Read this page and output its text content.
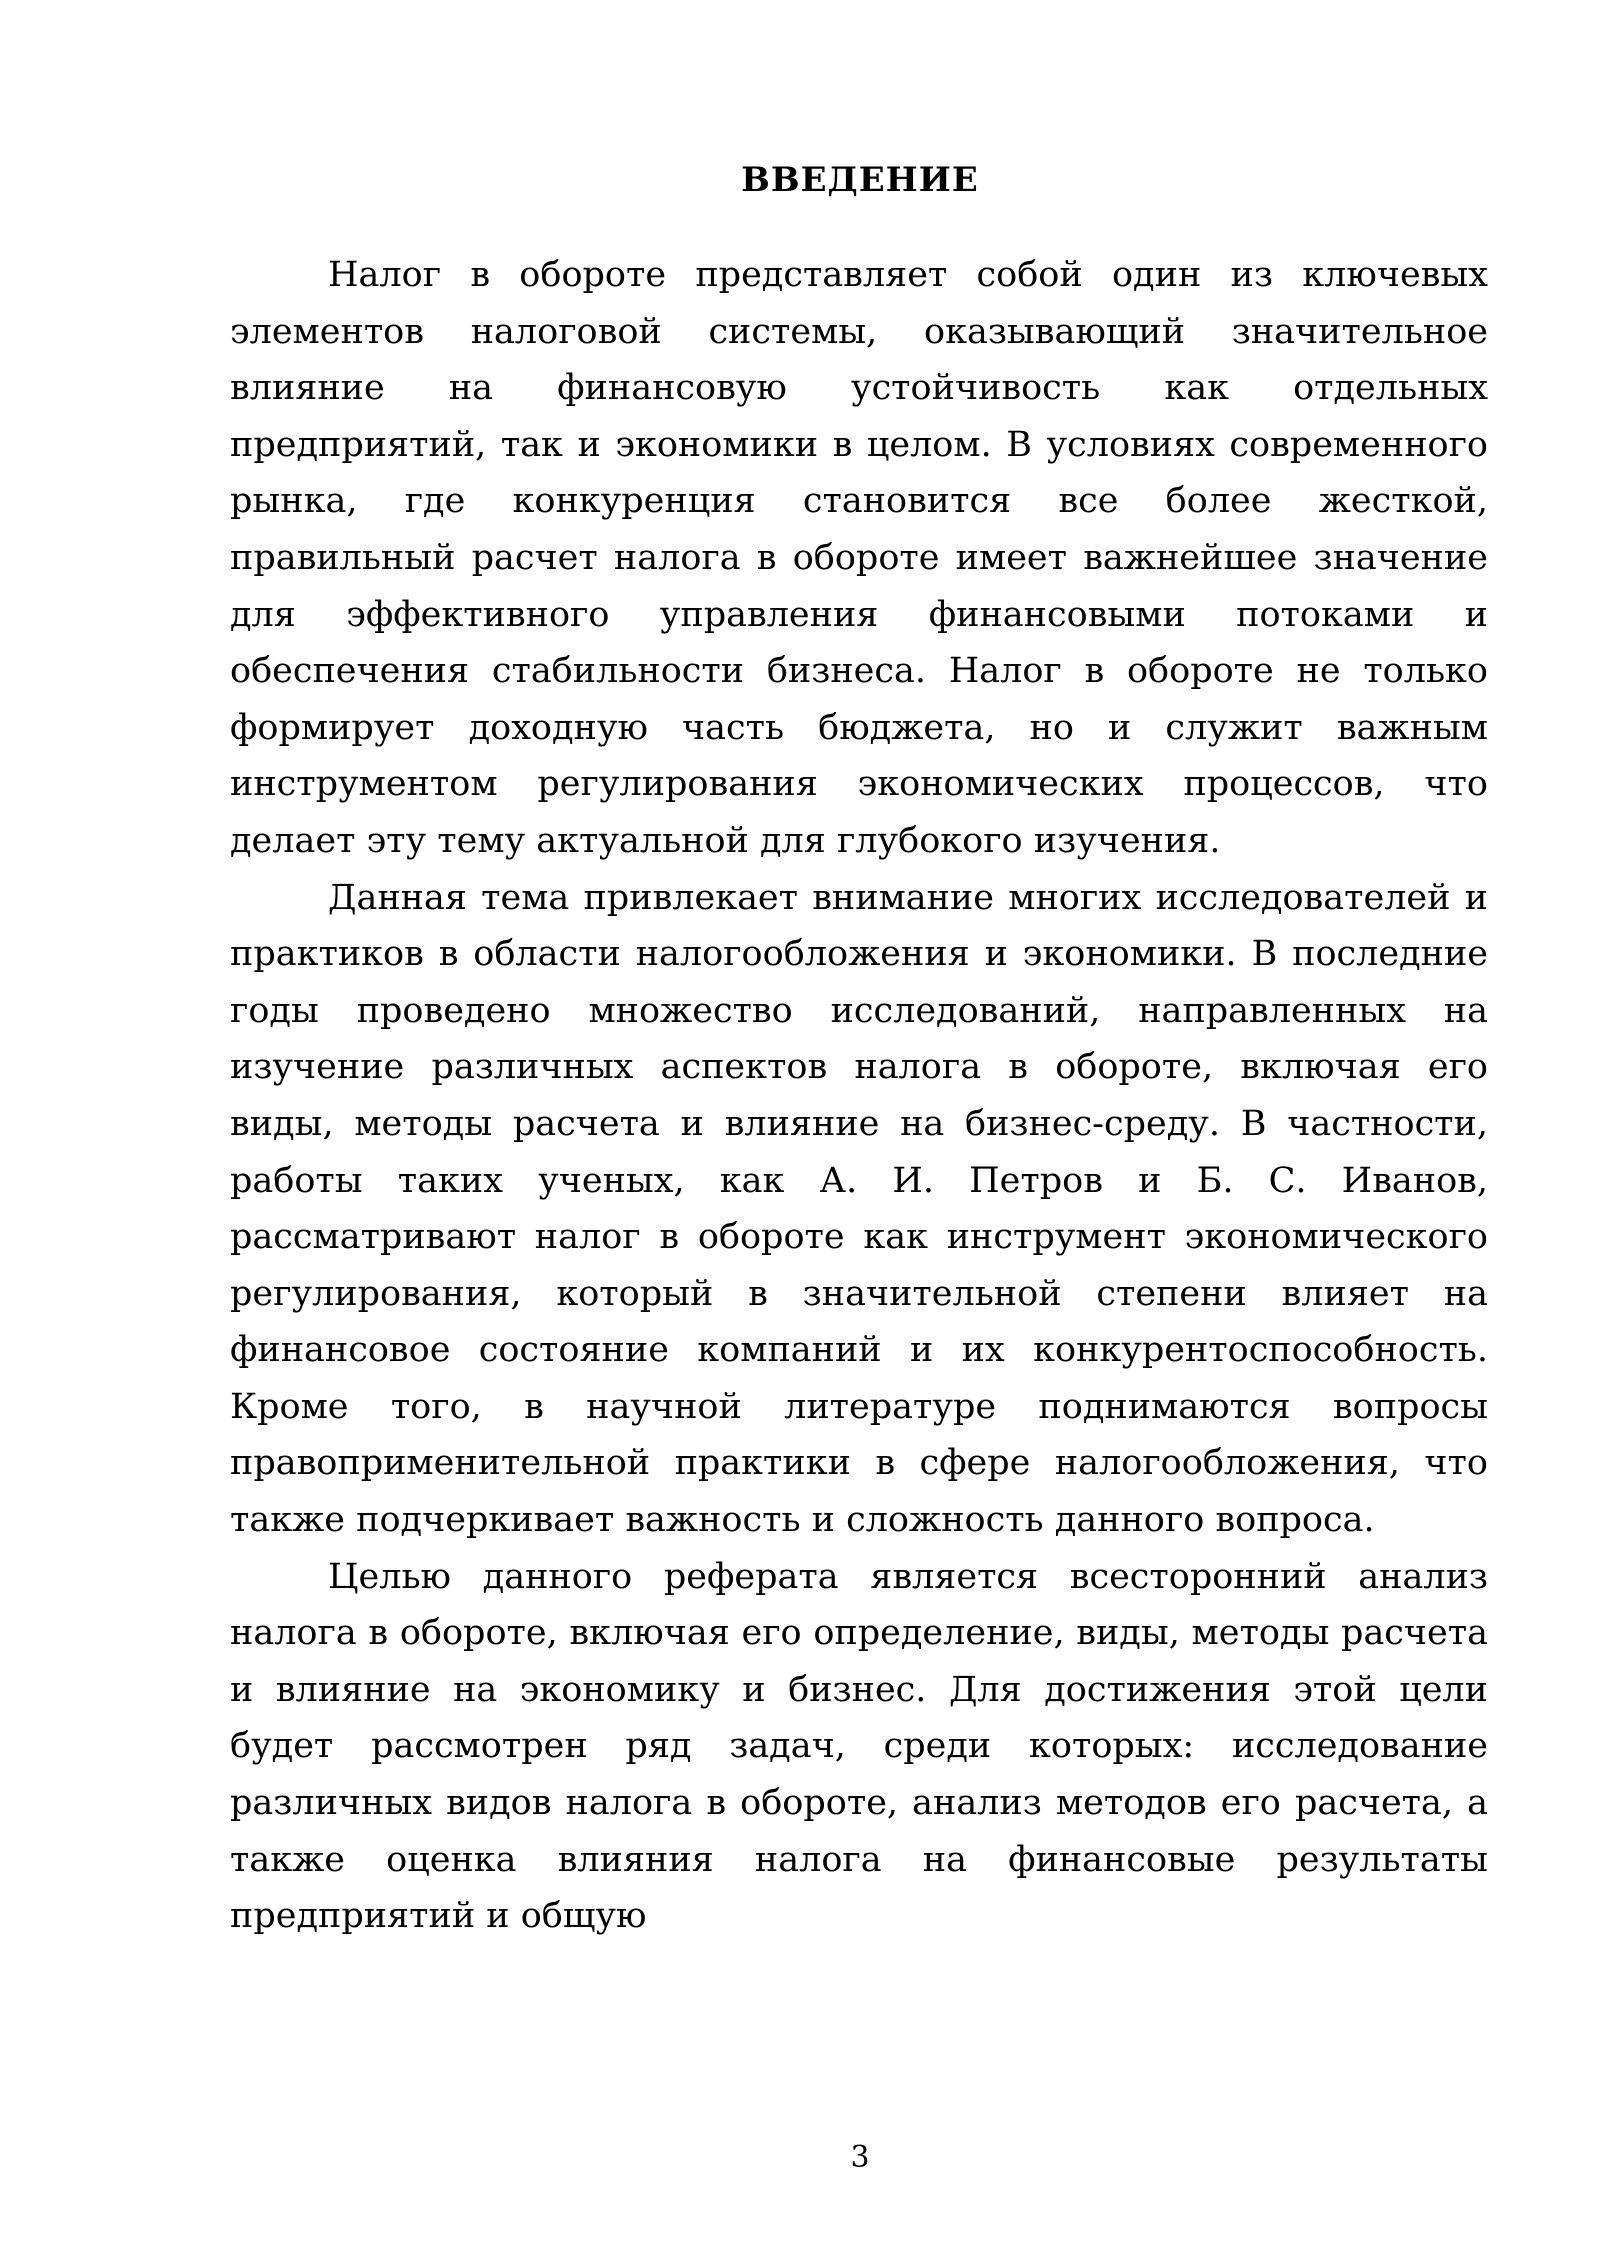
ВВЕДЕНИЕ

Налог в обороте представляет собой один из ключевых элементов налоговой системы, оказывающий значительное влияние на финансовую устойчивость как отдельных предприятий, так и экономики в целом. В условиях современного рынка, где конкуренция становится все более жесткой, правильный расчет налога в обороте имеет важнейшее значение для эффективного управления финансовыми потоками и обеспечения стабильности бизнеса. Налог в обороте не только формирует доходную часть бюджета, но и служит важным инструментом регулирования экономических процессов, что делает эту тему актуальной для глубокого изучения.

Данная тема привлекает внимание многих исследователей и практиков в области налогообложения и экономики. В последние годы проведено множество исследований, направленных на изучение различных аспектов налога в обороте, включая его виды, методы расчета и влияние на бизнес-среду. В частности, работы таких ученых, как А. И. Петров и Б. С. Иванов, рассматривают налог в обороте как инструмент экономического регулирования, который в значительной степени влияет на финансовое состояние компаний и их конкурентоспособность. Кроме того, в научной литературе поднимаются вопросы правоприменительной практики в сфере налогообложения, что также подчеркивает важность и сложность данного вопроса.

Целью данного реферата является всесторонний анализ налога в обороте, включая его определение, виды, методы расчета и влияние на экономику и бизнес. Для достижения этой цели будет рассмотрен ряд задач, среди которых: исследование различных видов налога в обороте, анализ методов его расчета, а также оценка влияния налога на финансовые результаты предприятий и общую

3
